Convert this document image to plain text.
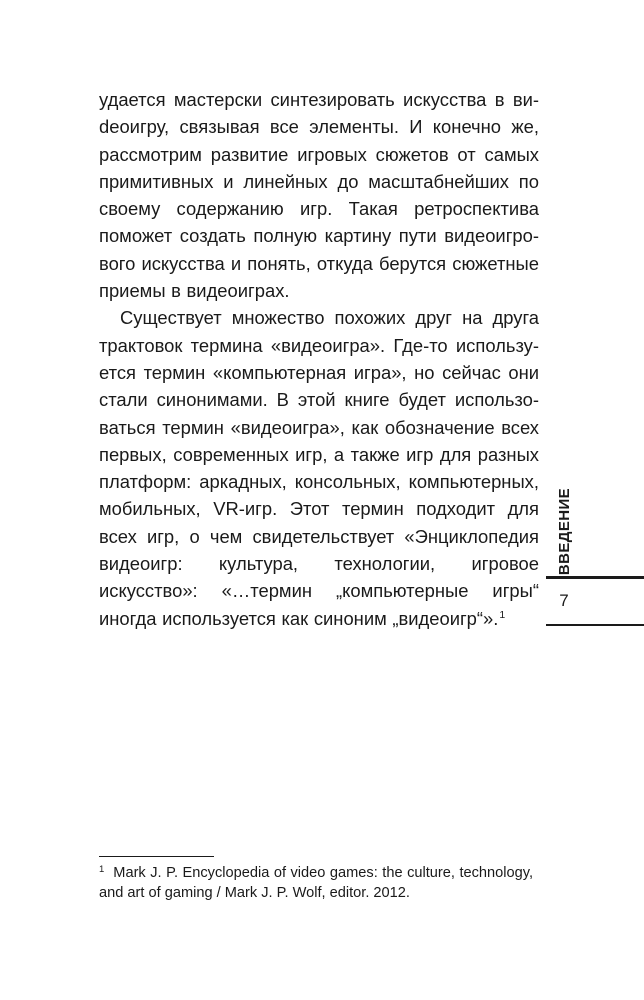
удается мастерски синтезировать искусства в виdeоигру, связывая все элементы. И конечно же, рассмотрим развитие игровых сюжетов от самых примитивных и линейных до масштабнейших по своему содержанию игр. Такая ретроспектива поможет создать полную картину пути видеоигрового искусства и понять, откуда берутся сюжетные приемы в видеоиграх.

Существует множество похожих друг на друга трактовок термина «видеоигра». Где-то используется термин «компьютерная игра», но сейчас они стали синонимами. В этой книге будет использоваться термин «видеоигра», как обозначение всех первых, современных игр, а также игр для разных платформ: аркадных, консольных, компьютерных, мобильных, VR-игр. Этот термин подходит для всех игр, о чем свидетельствует «Энциклопедия видеоигр: культура, технологии, игровое искусство»: «…термин „компьютерные игры“ иногда используется как синоним „видеоигр“».$^1$

ВВЕДЕНИЕ
7

$^1$ Mark J. P. Encyclopedia of video games: the culture, technology, and art of gaming / Mark J. P. Wolf, editor. 2012.
